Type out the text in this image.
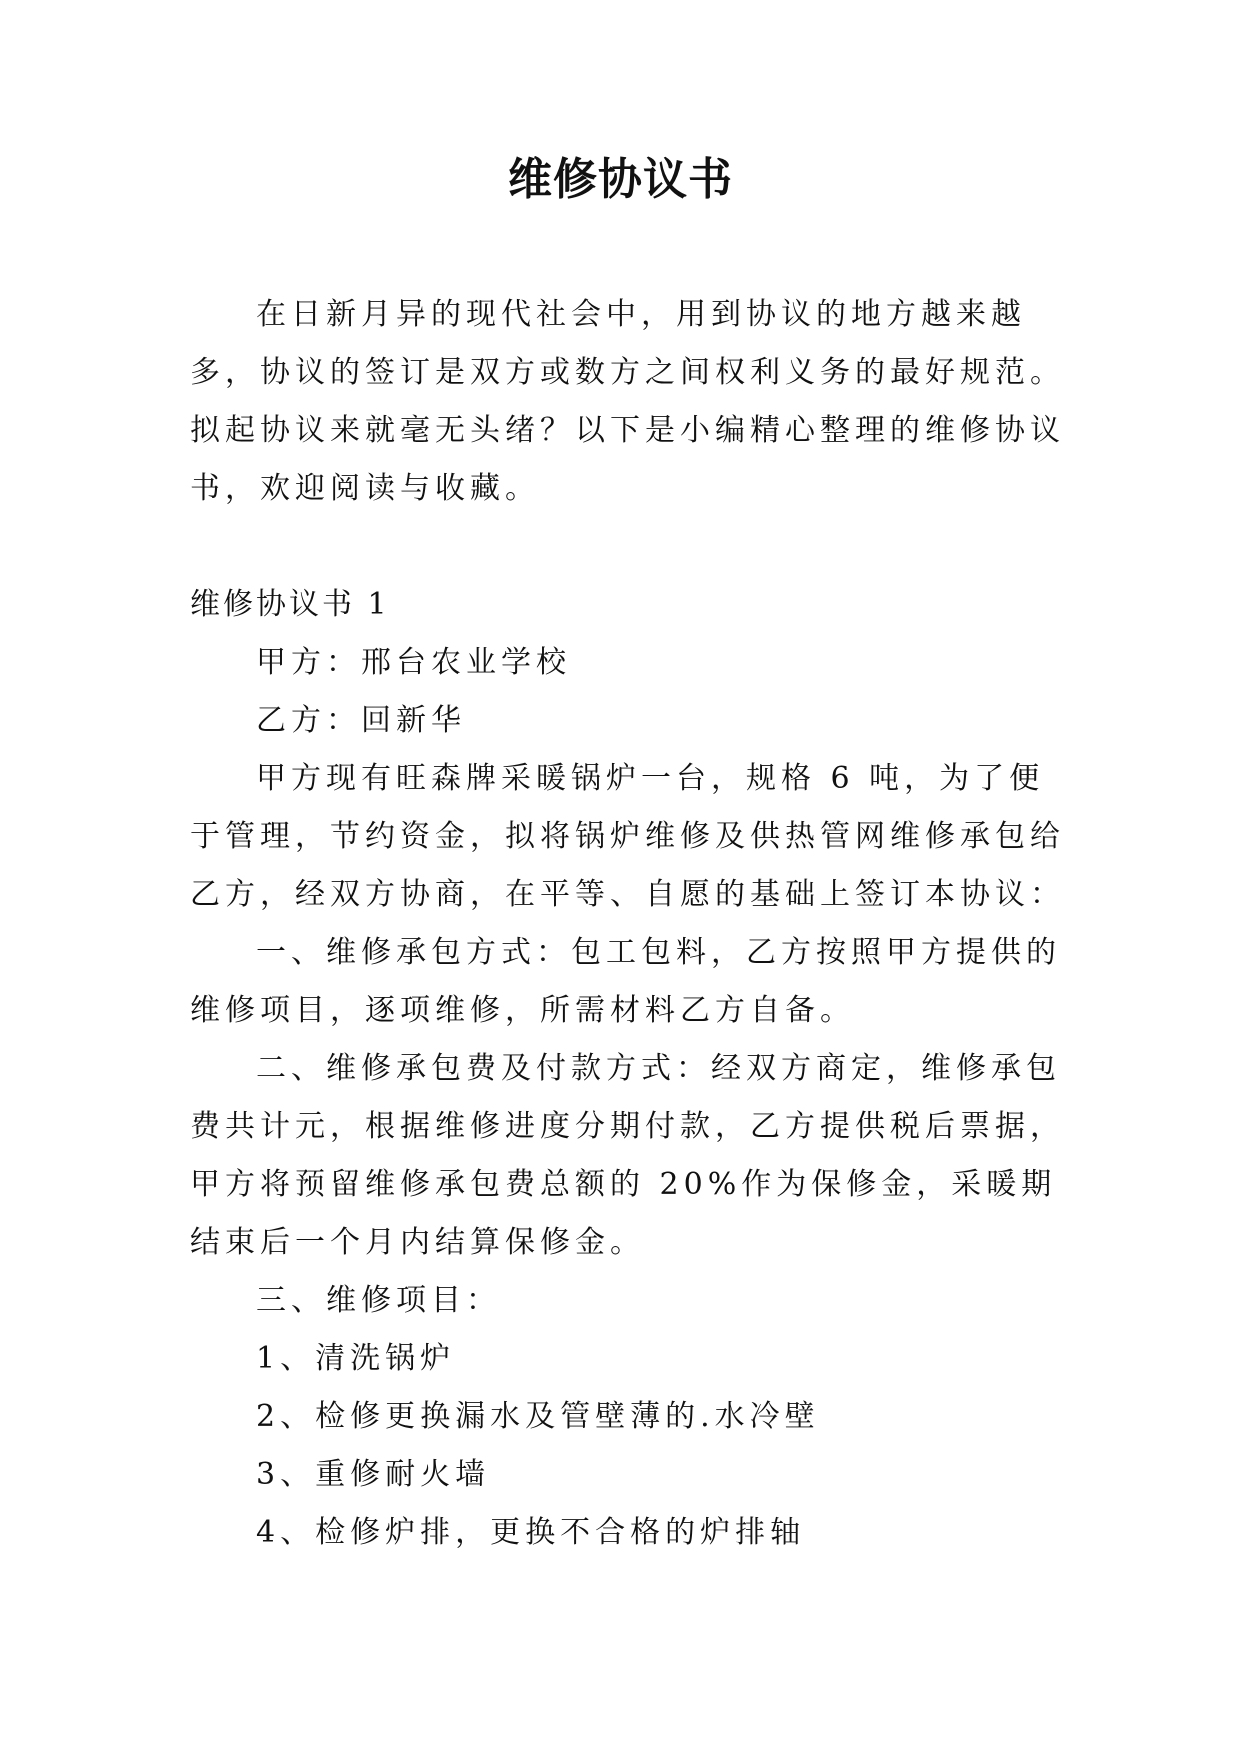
维修协议书

在日新月异的现代社会中，用到协议的地方越来越多，协议的签订是双方或数方之间权利义务的最好规范。拟起协议来就毫无头绪？以下是小编精心整理的维修协议书，欢迎阅读与收藏。

维修协议书 1

甲方：邢台农业学校

乙方：回新华

甲方现有旺森牌采暖锅炉一台，规格 6 吨，为了便于管理，节约资金，拟将锅炉维修及供热管网维修承包给乙方，经双方协商，在平等、自愿的基础上签订本协议：

一、维修承包方式：包工包料，乙方按照甲方提供的维修项目，逐项维修，所需材料乙方自备。

二、维修承包费及付款方式：经双方商定，维修承包费共计元，根据维修进度分期付款，乙方提供税后票据，甲方将预留维修承包费总额的 20%作为保修金，采暖期结束后一个月内结算保修金。

三、维修项目：

1、清洗锅炉

2、检修更换漏水及管壁薄的.水冷壁

3、重修耐火墙

4、检修炉排，更换不合格的炉排轴
